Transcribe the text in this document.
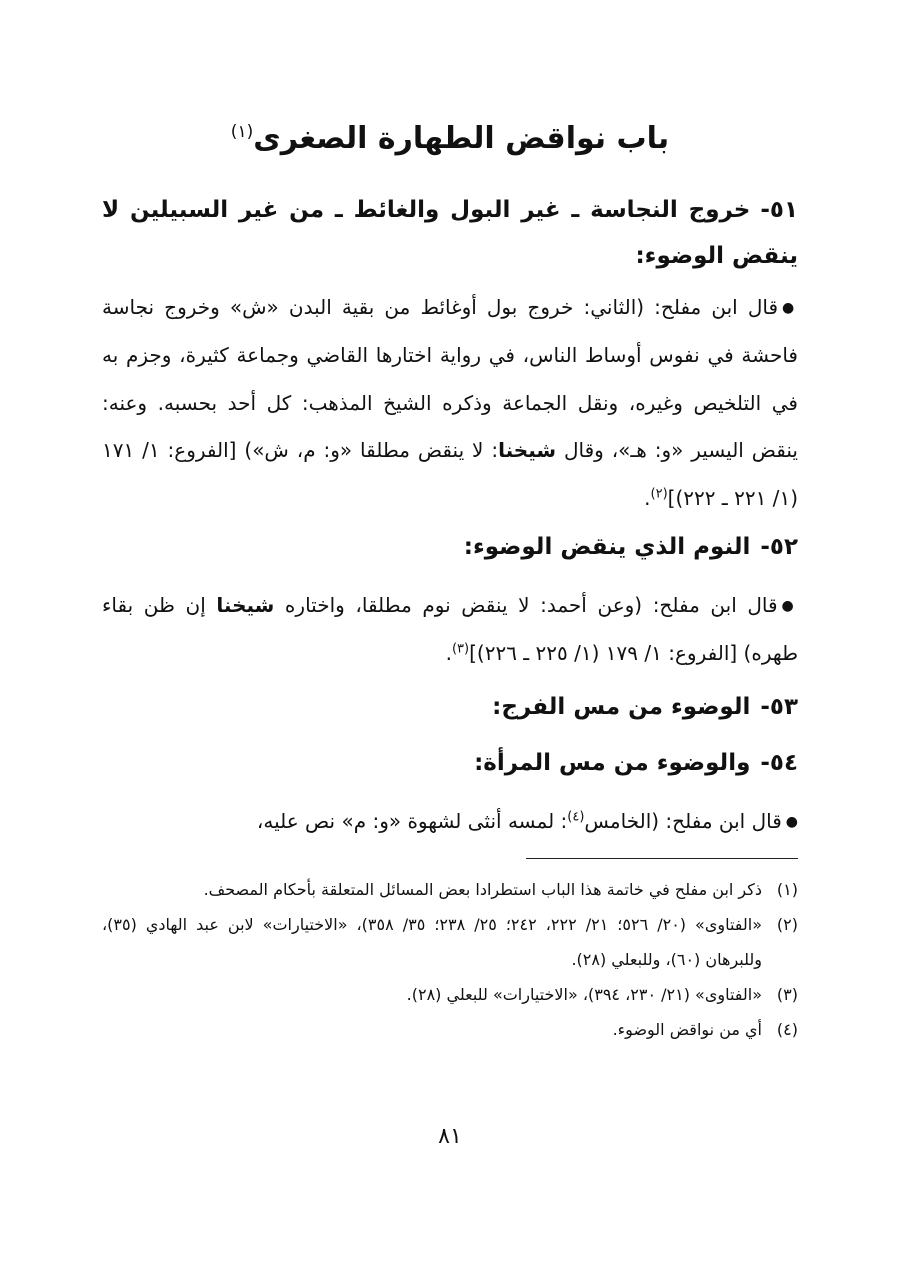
باب نواقض الطهارة الصغرى$^{(١)}$
٥١-خروج النجاسة ـ غير البول والغائط ـ من غير السبيلين لا ينقض الوضوء:
●قال ابن مفلح: (الثاني: خروج بول أوغائط من بقية البدن «ش» وخروج نجاسة فاحشة في نفوس أوساط الناس، في رواية اختارها القاضي وجماعة كثيرة، وجزم به في التلخيص وغيره، ونقل الجماعة وذكره الشيخ المذهب: كل أحد بحسبه. وعنه: ينقض اليسير «و: هـ»، وقال شيخنا: لا ينقض مطلقا «و: م، ش») [الفروع: ١/ ١٧١ (١/ ٢٢١ ـ ٢٢٢)]$^{(٢)}$.
٥٢-النوم الذي ينقض الوضوء:
●قال ابن مفلح: (وعن أحمد: لا ينقض نوم مطلقا، واختاره شيخنا إن ظن بقاء طهره) [الفروع: ١/ ١٧٩ (١/ ٢٢٥ ـ ٢٢٦)]$^{(٣)}$.
٥٣-الوضوء من مس الفرج:
٥٤-والوضوء من مس المرأة:
●قال ابن مفلح: (الخامس$^{(٤)}$: لمسه أنثى لشهوة «و: م» نص عليه،
(١)
ذكر ابن مفلح في خاتمة هذا الباب استطرادا بعض المسائل المتعلقة بأحكام المصحف.
(٢)
«الفتاوى» (٢٠/ ٥٢٦؛ ٢١/ ٢٢٢، ٢٤٢؛ ٢٥/ ٢٣٨؛ ٣٥/ ٣٥٨)، «الاختيارات» لابن عبد الهادي (٣٥)، وللبرهان (٦٠)، وللبعلي (٢٨).
(٣)
«الفتاوى» (٢١/ ٢٣٠، ٣٩٤)، «الاختيارات» للبعلي (٢٨).
(٤)
أي من نواقض الوضوء.
٨١
